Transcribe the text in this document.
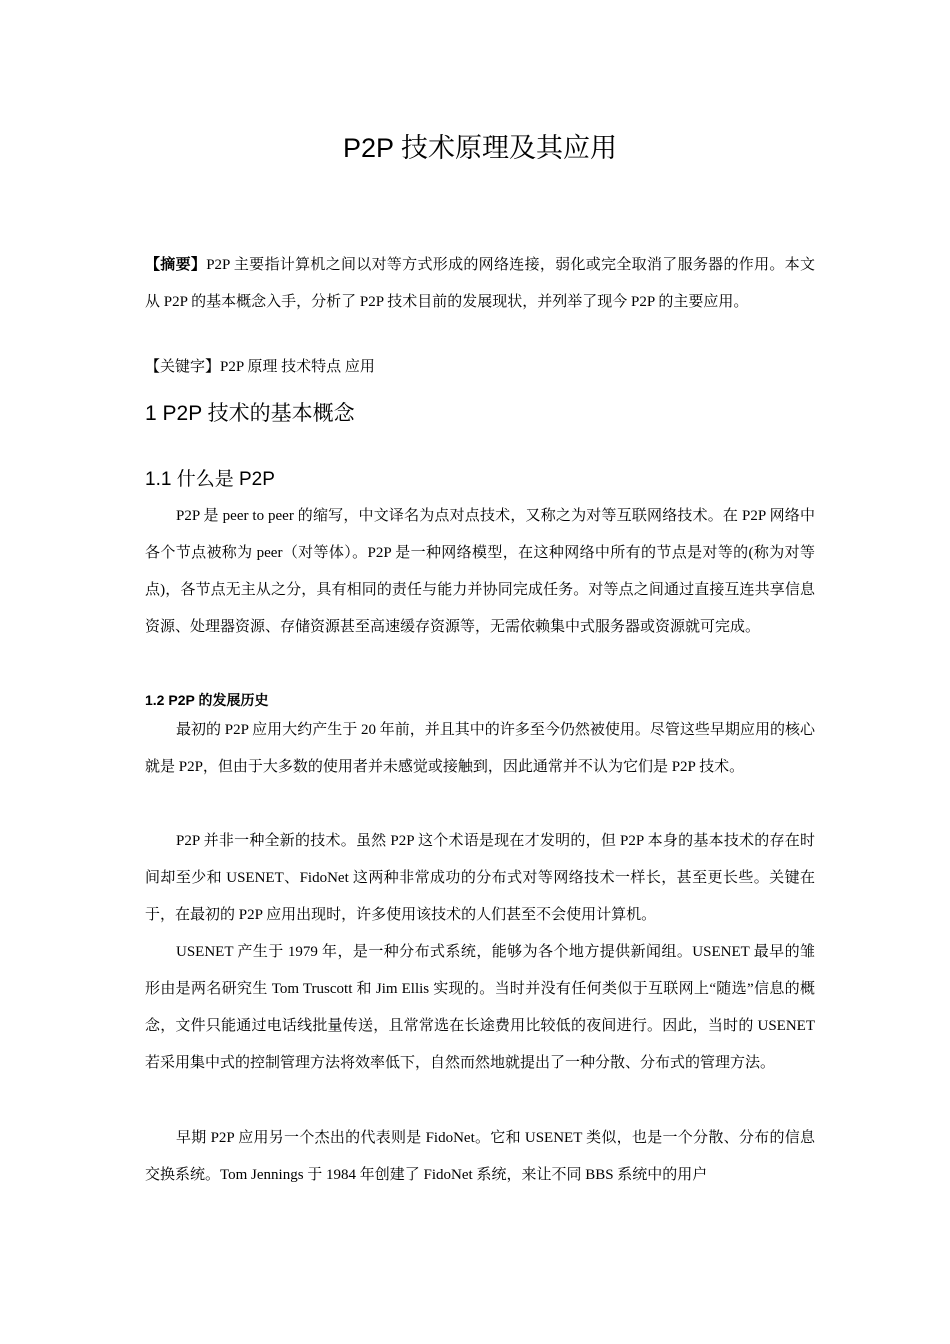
P2P 技术原理及其应用

【摘要】P2P 主要指计算机之间以对等方式形成的网络连接，弱化或完全取消了服务器的作用。本文从 P2P 的基本概念入手，分析了 P2P 技术目前的发展现状，并列举了现今 P2P 的主要应用。

【关键字】P2P 原理 技术特点 应用

1 P2P 技术的基本概念
1.1 什么是 P2P

P2P 是 peer to peer 的缩写，中文译名为点对点技术，又称之为对等互联网络技术。在 P2P 网络中各个节点被称为 peer（对等体）。P2P 是一种网络模型，在这种网络中所有的节点是对等的(称为对等点)，各节点无主从之分，具有相同的责任与能力并协同完成任务。对等点之间通过直接互连共享信息资源、处理器资源、存储资源甚至高速缓存资源等，无需依赖集中式服务器或资源就可完成。

1.2 P2P 的发展历史

最初的 P2P 应用大约产生于 20 年前，并且其中的许多至今仍然被使用。尽管这些早期应用的核心就是 P2P，但由于大多数的使用者并未感觉或接触到，因此通常并不认为它们是 P2P 技术。

P2P 并非一种全新的技术。虽然 P2P 这个术语是现在才发明的，但 P2P 本身的基本技术的存在时间却至少和 USENET、FidoNet 这两种非常成功的分布式对等网络技术一样长，甚至更长些。关键在于，在最初的 P2P 应用出现时，许多使用该技术的人们甚至不会使用计算机。

USENET 产生于 1979 年，是一种分布式系统，能够为各个地方提供新闻组。USENET 最早的雏形由是两名研究生 Tom Truscott 和 Jim Ellis 实现的。当时并没有任何类似于互联网上“随选”信息的概念，文件只能通过电话线批量传送，且常常选在长途费用比较低的夜间进行。因此，当时的 USENET 若采用集中式的控制管理方法将效率低下，自然而然地就提出了一种分散、分布式的管理方法。

早期 P2P 应用另一个杰出的代表则是 FidoNet。它和 USENET 类似，也是一个分散、分布的信息交换系统。Tom Jennings 于 1984 年创建了 FidoNet 系统，来让不同 BBS 系统中的用户
